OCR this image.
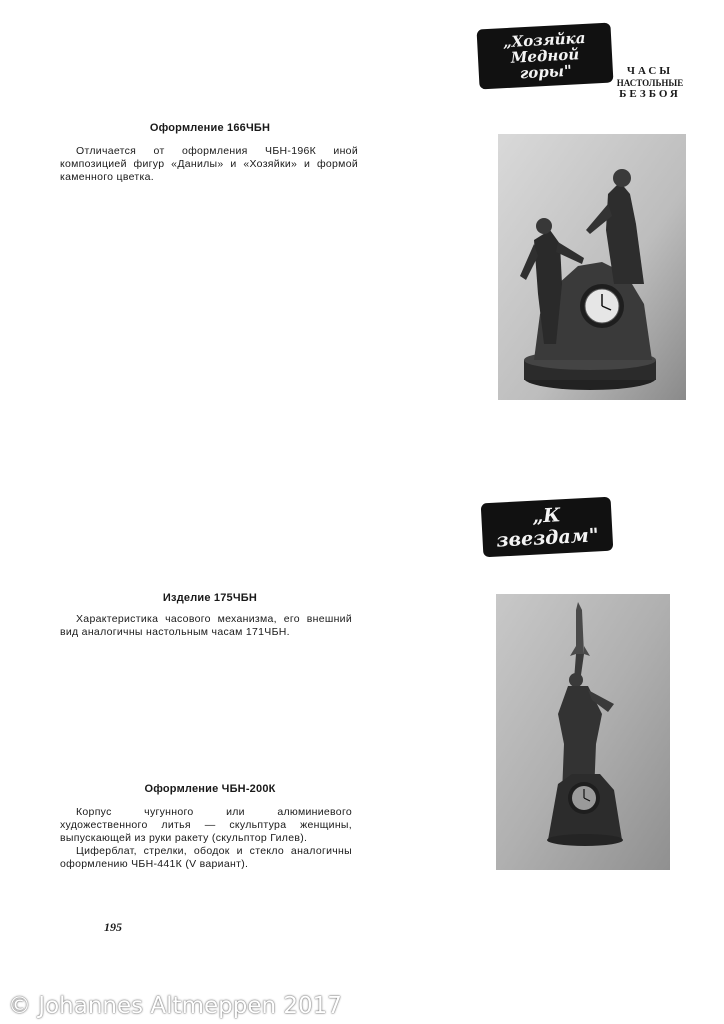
„Хозяйка
Медной
горы"	ЧАСЫ
НАСТОЛЬНЫЕ
БЕЗБОЯ
Оформление 166ЧБН

Отличается от оформления ЧБН-196К иной композицией фигур «Данилы» и «Хозяйки» и формой каменного цветка.

„К звездам"
Изделие 175ЧБН

Характеристика часового механизма, его внешний вид аналогичны настольным часам 171ЧБН.

Оформление ЧБН-200К

Корпус чугунного или алюминиевого художественного литья — скульптура женщины, выпускающей из руки ракету (скульптор Гилев).

Циферблат, стрелки, ободок и стекло аналогичны оформлению ЧБН-441К (V вариант).

195
© Johannes Altmeppen 2017
